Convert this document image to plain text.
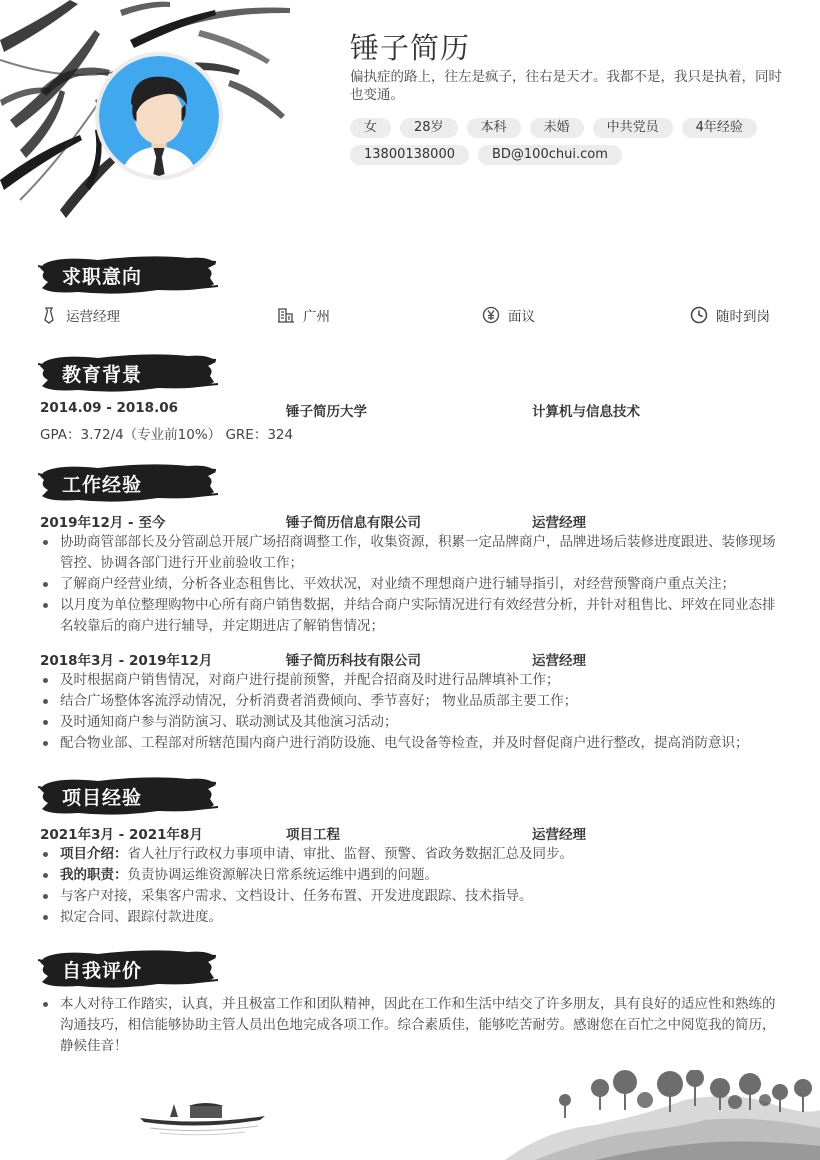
锤子简历
偏执症的路上，往左是疯子，往右是天才。我都不是，我只是执着，同时也变通。
女	28岁	本科	未婚	中共党员	4年经验
13800138000	BD@100chui.com
求职意向
运营经理	广州	面议	随时到岗
教育背景
2014.09 - 2018.06	锤子简历大学	计算机与信息技术
GPA：3.72/4（专业前10%） GRE：324
工作经验
2019年12月 - 至今	锤子简历信息有限公司	运营经理
协助商管部部长及分管副总开展广场招商调整工作，收集资源，积累一定品牌商户，品牌进场后装修进度跟进、装修现场管控、协调各部门进行开业前验收工作；
了解商户经营业绩，分析各业态租售比、平效状况，对业绩不理想商户进行辅导指引，对经营预警商户重点关注；
以月度为单位整理购物中心所有商户销售数据，并结合商户实际情况进行有效经营分析，并针对租售比、坪效在同业态排名较靠后的商户进行辅导，并定期进店了解销售情况；
2018年3月 - 2019年12月	锤子简历科技有限公司	运营经理
及时根据商户销售情况，对商户进行提前预警，并配合招商及时进行品牌填补工作；
结合广场整体客流浮动情况，分析消费者消费倾向、季节喜好； 物业品质部主要工作；
及时通知商户参与消防演习、联动测试及其他演习活动；
配合物业部、工程部对所辖范围内商户进行消防设施、电气设备等检查，并及时督促商户进行整改，提高消防意识；
项目经验
2021年3月 - 2021年8月	项目工程	运营经理
项目介绍：省人社厅行政权力事项申请、审批、监督、预警、省政务数据汇总及同步。
我的职责：负责协调运维资源解决日常系统运维中遇到的问题。
与客户对接，采集客户需求、文档设计、任务布置、开发进度跟踪、技术指导。
拟定合同、跟踪付款进度。
自我评价
本人对待工作踏实，认真，并且极富工作和团队精神，因此在工作和生活中结交了许多朋友，具有良好的适应性和熟练的沟通技巧，相信能够协助主管人员出色地完成各项工作。综合素质佳，能够吃苦耐劳。感谢您在百忙之中阅览我的简历，静候佳音！
